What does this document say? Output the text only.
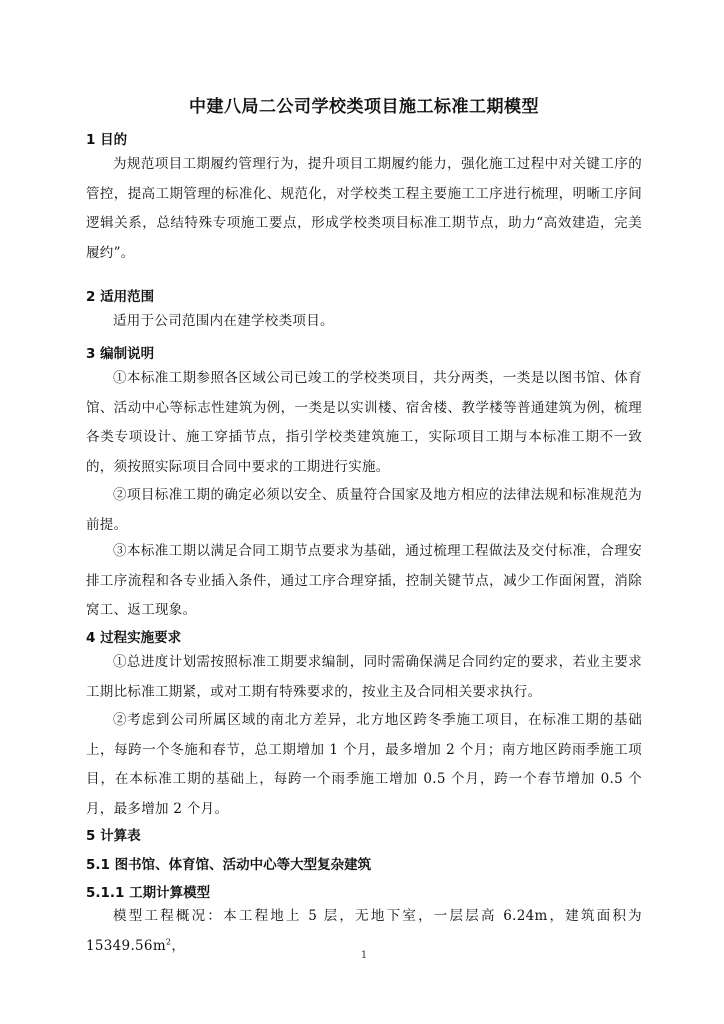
中建八局二公司学校类项目施工标准工期模型
1 目的
为规范项目工期履约管理行为，提升项目工期履约能力，强化施工过程中对关键工序的管控，提高工期管理的标准化、规范化，对学校类工程主要施工工序进行梳理，明晰工序间逻辑关系，总结特殊专项施工要点，形成学校类项目标准工期节点，助力“高效建造，完美履约”。
2 适用范围
适用于公司范围内在建学校类项目。
3 编制说明
①本标准工期参照各区域公司已竣工的学校类项目，共分两类，一类是以图书馆、体育馆、活动中心等标志性建筑为例，一类是以实训楼、宿舍楼、教学楼等普通建筑为例，梳理各类专项设计、施工穿插节点，指引学校类建筑施工，实际项目工期与本标准工期不一致的，须按照实际项目合同中要求的工期进行实施。
②项目标准工期的确定必须以安全、质量符合国家及地方相应的法律法规和标准规范为前提。
③本标准工期以满足合同工期节点要求为基础，通过梳理工程做法及交付标准，合理安排工序流程和各专业插入条件，通过工序合理穿插，控制关键节点，减少工作面闲置，消除窝工、返工现象。
4 过程实施要求
①总进度计划需按照标准工期要求编制，同时需确保满足合同约定的要求，若业主要求工期比标准工期紧，或对工期有特殊要求的，按业主及合同相关要求执行。
②考虑到公司所属区域的南北方差异，北方地区跨冬季施工项目，在标准工期的基础上，每跨一个冬施和春节，总工期增加 1 个月，最多增加 2 个月；南方地区跨雨季施工项目，在本标准工期的基础上，每跨一个雨季施工增加 0.5 个月，跨一个春节增加 0.5 个月，最多增加 2 个月。
5 计算表
5.1 图书馆、体育馆、活动中心等大型复杂建筑
5.1.1 工期计算模型
模型工程概况：本工程地上 5 层，无地下室，一层层高 6.24m，建筑面积为 $15349.56m^2$，
1
